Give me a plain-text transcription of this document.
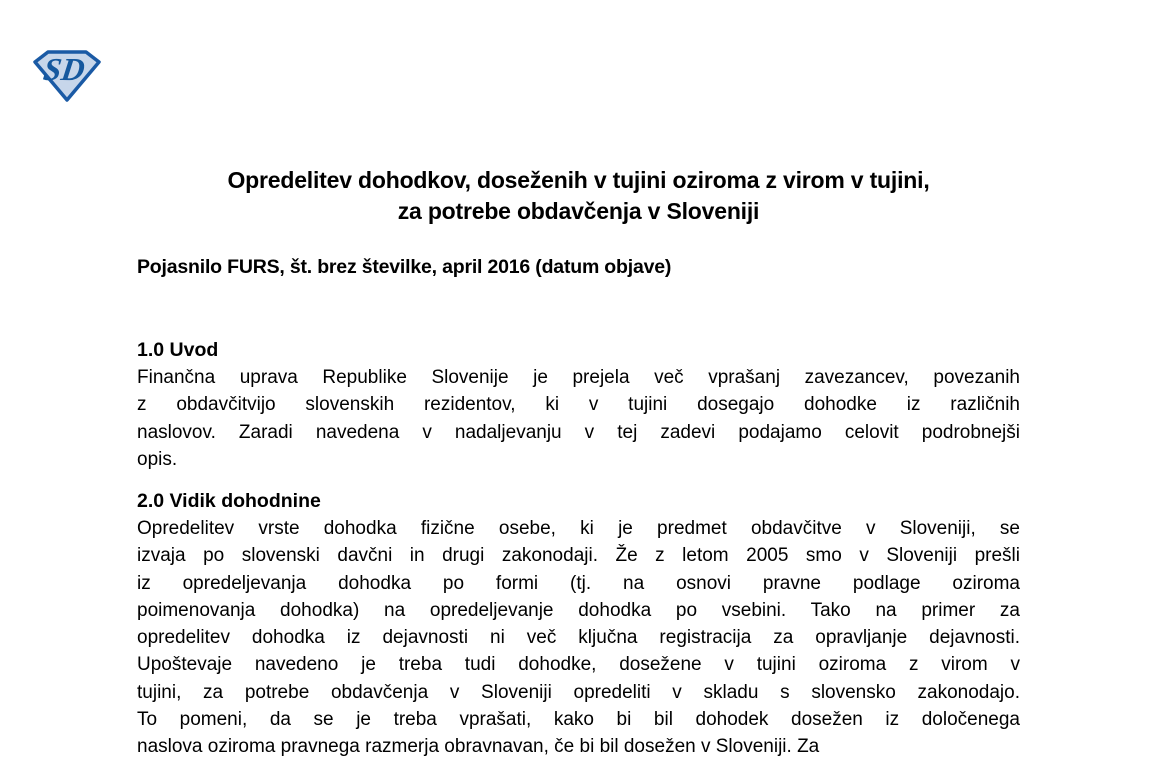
SD
Opredelitev dohodkov, doseženih v tujini oziroma z virom v tujini,
za potrebe obdavčenja v Sloveniji
Pojasnilo FURS, št. brez številke, april 2016 (datum objave)
1.0 Uvod
Finančna uprava Republike Slovenije je prejela več vprašanj zavezancev, povezanih
z obdavčitvijo slovenskih rezidentov, ki v tujini dosegajo dohodke iz različnih
naslovov. Zaradi navedena v nadaljevanju v tej zadevi podajamo celovit podrobnejši
opis.
2.0 Vidik dohodnine
Opredelitev vrste dohodka fizične osebe, ki je predmet obdavčitve v Sloveniji, se
izvaja po slovenski davčni in drugi zakonodaji. Že z letom 2005 smo v Sloveniji prešli
iz opredeljevanja dohodka po formi (tj. na osnovi pravne podlage oziroma
poimenovanja dohodka) na opredeljevanje dohodka po vsebini. Tako na primer za
opredelitev dohodka iz dejavnosti ni več ključna registracija za opravljanje dejavnosti.
Upoštevaje navedeno je treba tudi dohodke, dosežene v tujini oziroma z virom v
tujini, za potrebe obdavčenja v Sloveniji opredeliti v skladu s slovensko zakonodajo.
To pomeni, da se je treba vprašati, kako bi bil dohodek dosežen iz določenega
naslova oziroma pravnega razmerja obravnavan, če bi bil dosežen v Sloveniji. Za
